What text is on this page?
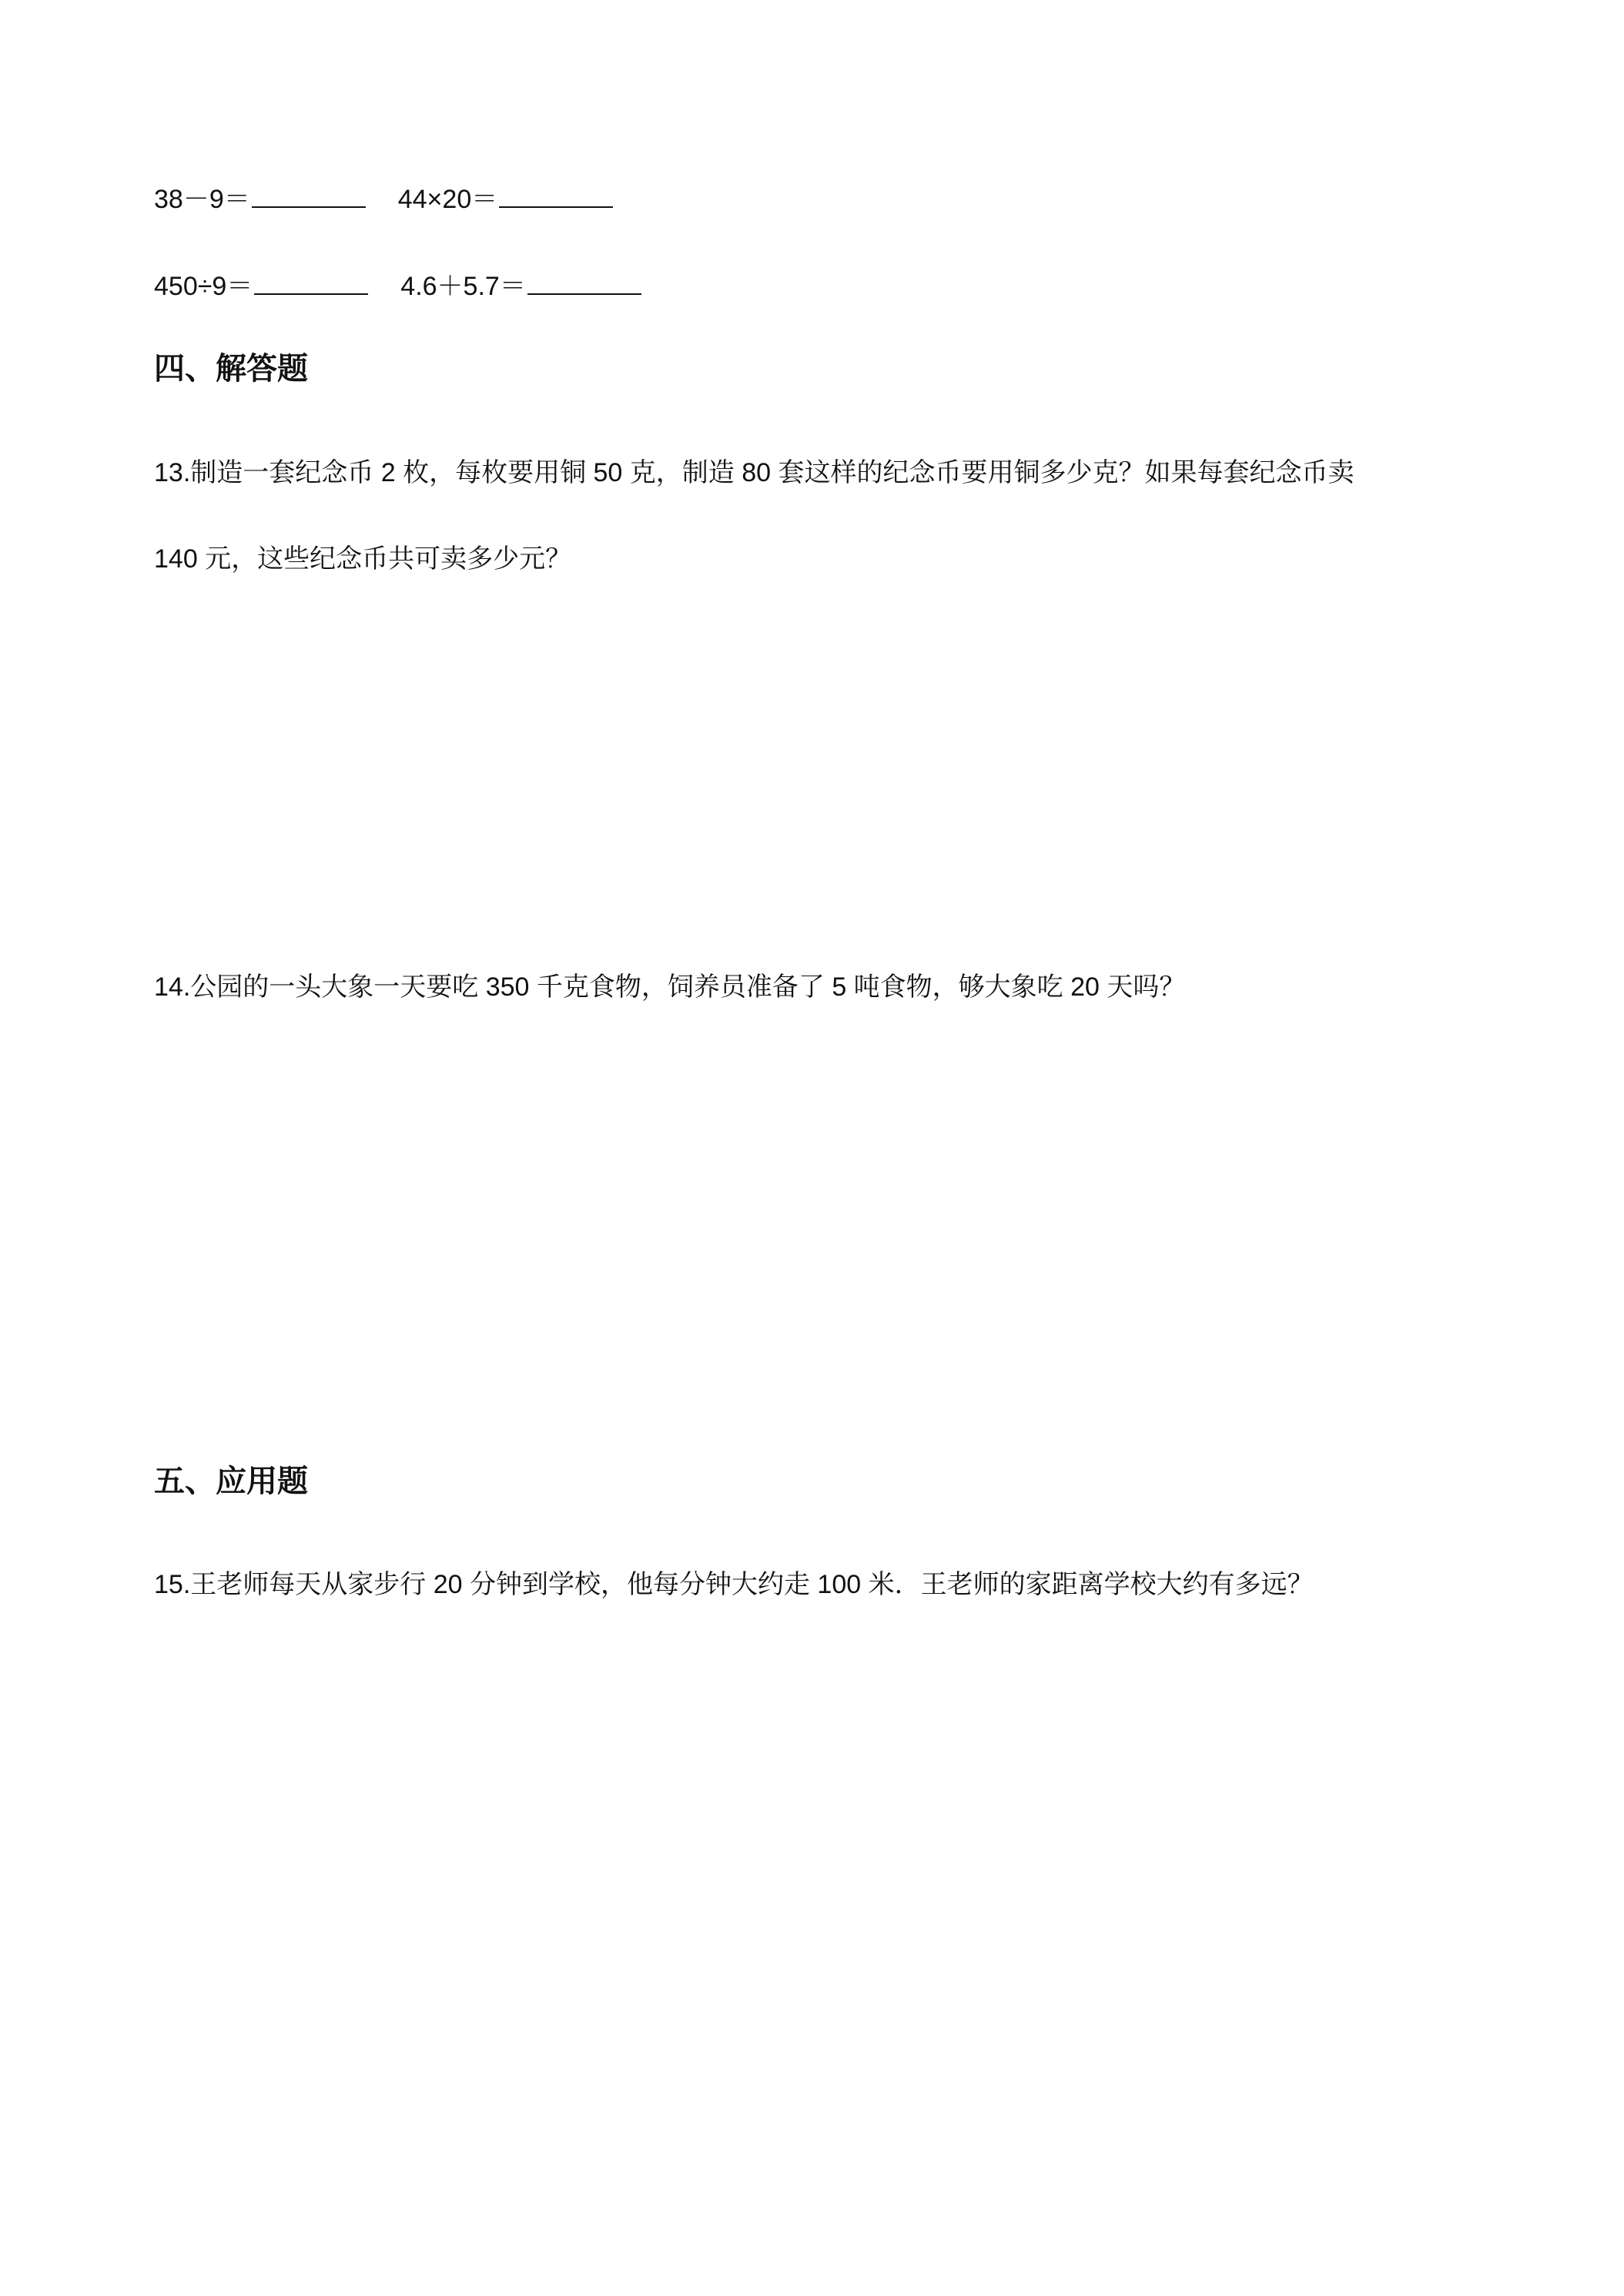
38－9＝	44×20＝
450÷9＝	4.6＋5.7＝
四、解答题
13.制造一套纪念币 2 枚，每枚要用铜 50 克，制造 80 套这样的纪念币要用铜多少克？如果每套纪念币卖
140 元，这些纪念币共可卖多少元？
14.公园的一头大象一天要吃 350 千克食物，饲养员准备了 5 吨食物，够大象吃 20 天吗？
五、应用题
15.王老师每天从家步行 20 分钟到学校，他每分钟大约走 100 米．王老师的家距离学校大约有多远？
